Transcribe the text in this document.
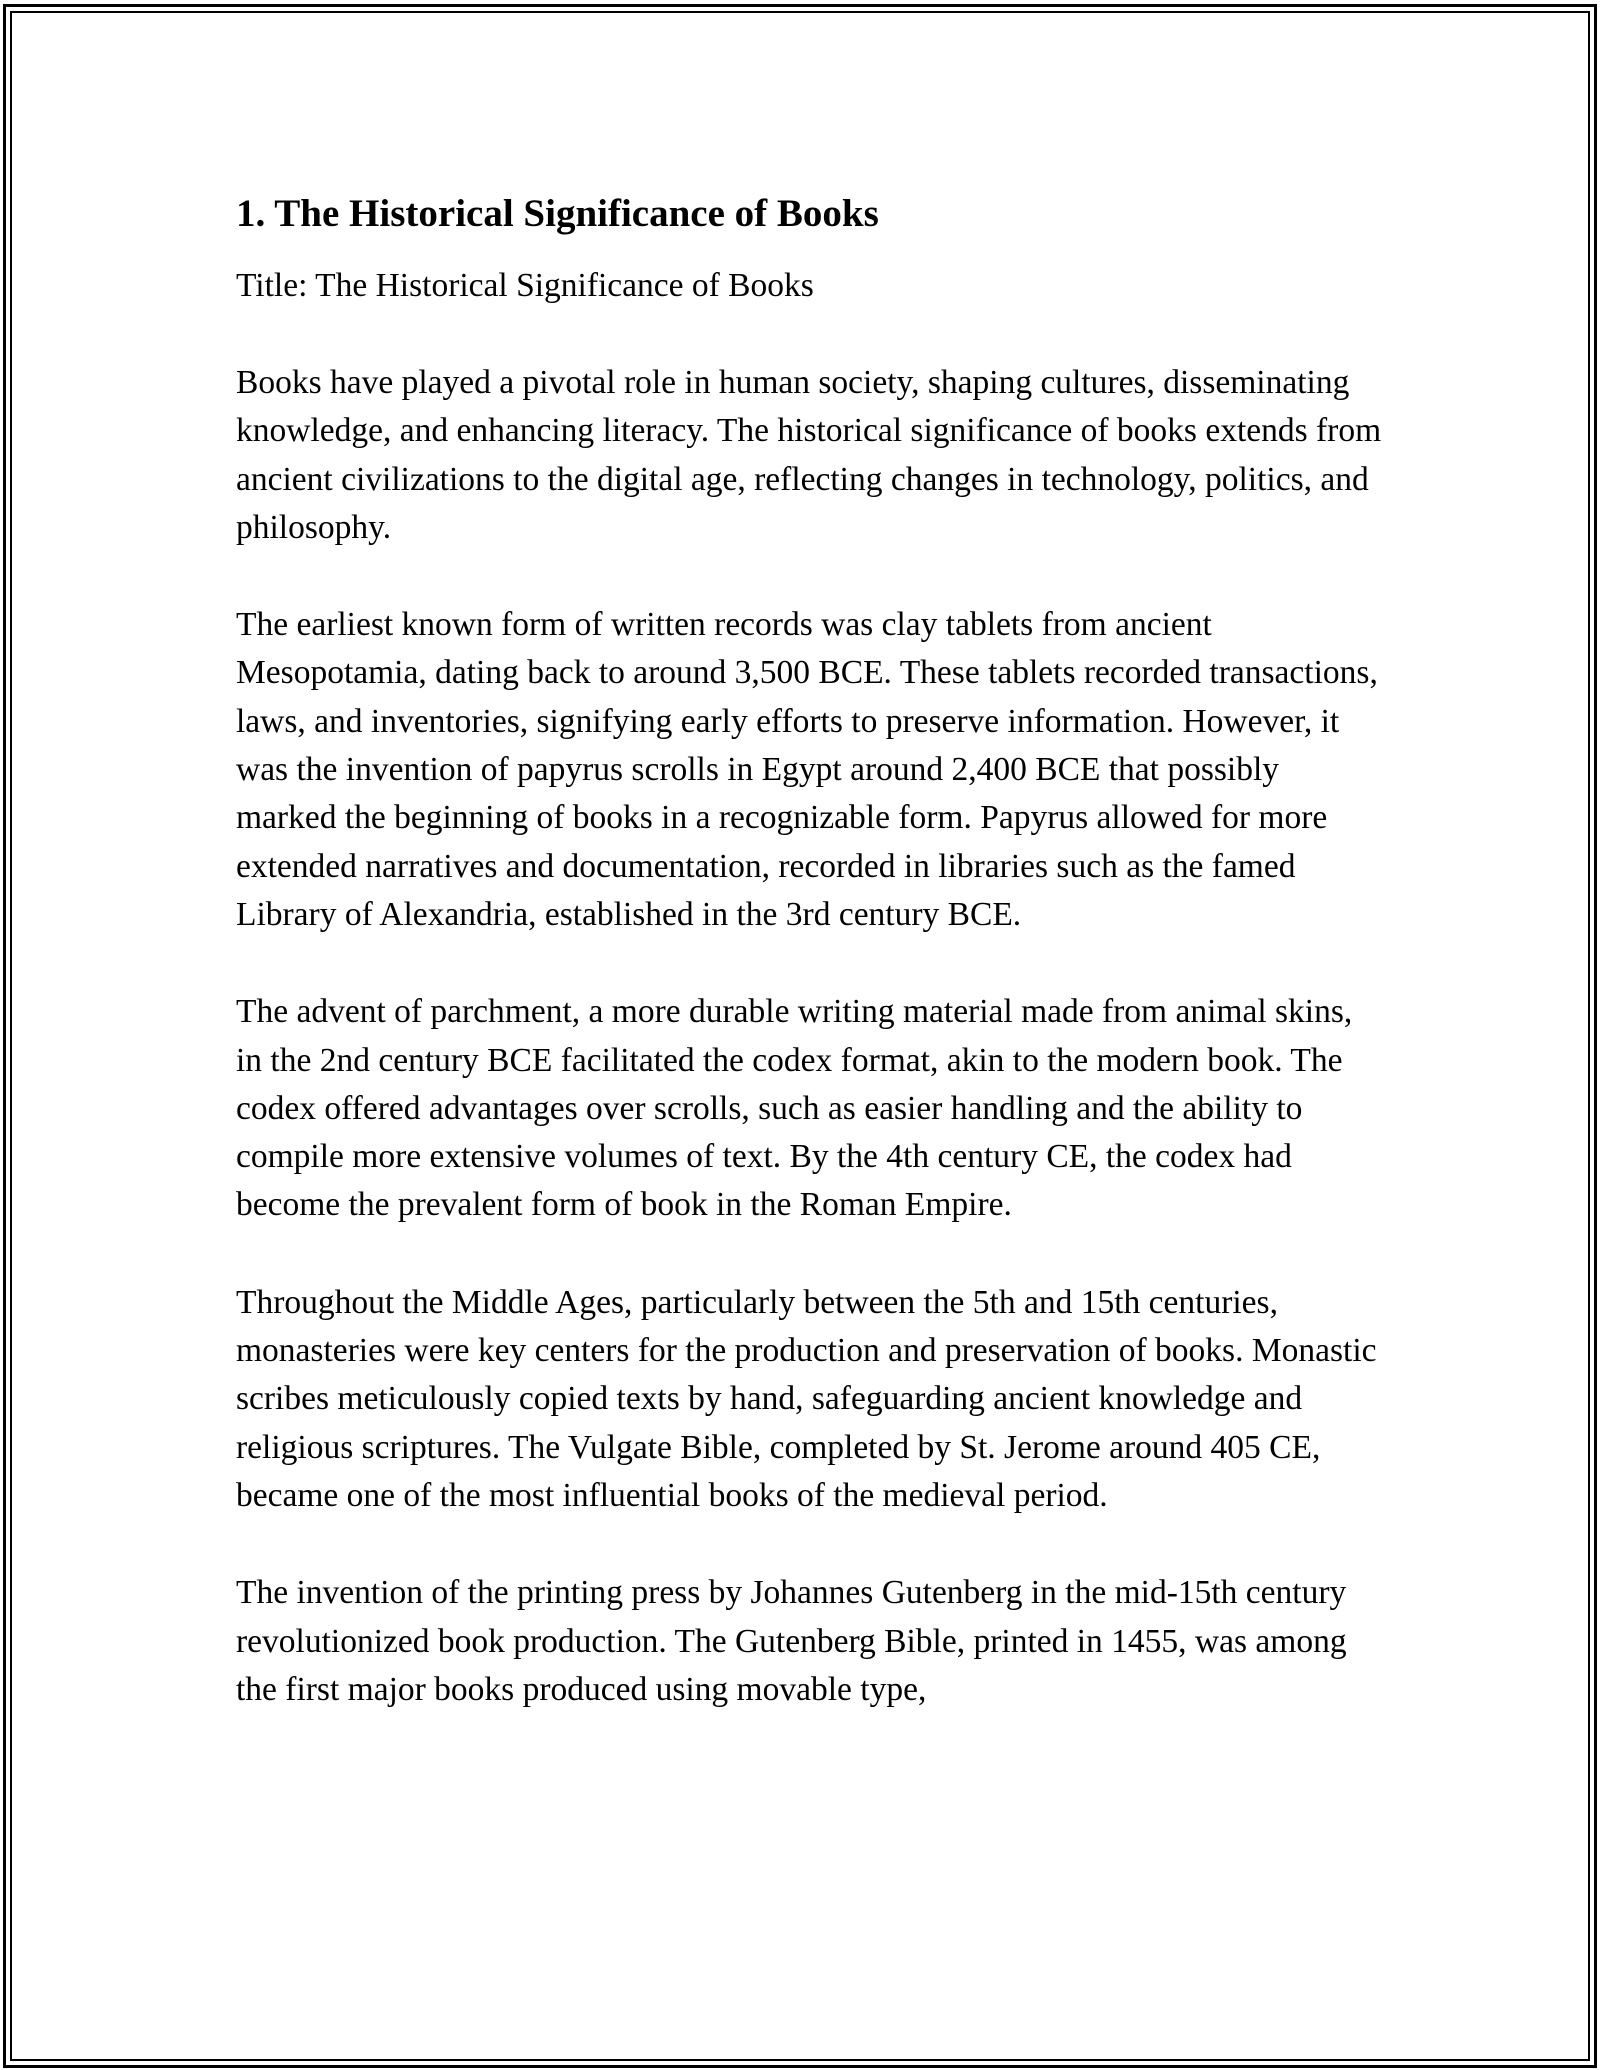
1. The Historical Significance of Books

Title: The Historical Significance of Books

Books have played a pivotal role in human society, shaping cultures, disseminating knowledge, and enhancing literacy. The historical significance of books extends from ancient civilizations to the digital age, reflecting changes in technology, politics, and philosophy.

The earliest known form of written records was clay tablets from ancient Mesopotamia, dating back to around 3,500 BCE. These tablets recorded transactions, laws, and inventories, signifying early efforts to preserve information. However, it was the invention of papyrus scrolls in Egypt around 2,400 BCE that possibly marked the beginning of books in a recognizable form. Papyrus allowed for more extended narratives and documentation, recorded in libraries such as the famed Library of Alexandria, established in the 3rd century BCE.

The advent of parchment, a more durable writing material made from animal skins, in the 2nd century BCE facilitated the codex format, akin to the modern book. The codex offered advantages over scrolls, such as easier handling and the ability to compile more extensive volumes of text. By the 4th century CE, the codex had become the prevalent form of book in the Roman Empire.

Throughout the Middle Ages, particularly between the 5th and 15th centuries, monasteries were key centers for the production and preservation of books. Monastic scribes meticulously copied texts by hand, safeguarding ancient knowledge and religious scriptures. The Vulgate Bible, completed by St. Jerome around 405 CE, became one of the most influential books of the medieval period.

The invention of the printing press by Johannes Gutenberg in the mid-15th century revolutionized book production. The Gutenberg Bible, printed in 1455, was among the first major books produced using movable type,
